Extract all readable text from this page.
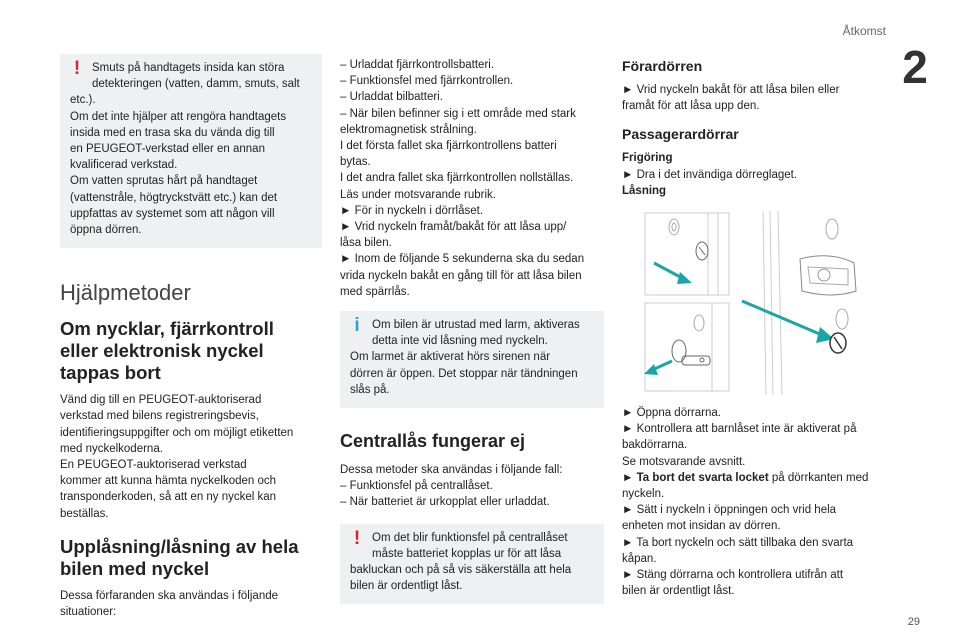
Åtkomst
2
29
!	Smuts på handtagets insida kan störa

detekteringen (vatten, damm, smuts, salt

etc.).

Om det inte hjälper att rengöra handtagets

insida med en trasa ska du vända dig till

en PEUGEOT-verkstad eller en annan

kvalificerad verkstad.

Om vatten sprutas hårt på handtaget

(vattenstråle, högtryckstvätt etc.) kan det

uppfattas av systemet som att någon vill

öppna dörren.

Hjälpmetoder
Om nycklar, fjärrkontroll
eller elektronisk nyckel
tappas bort

Vänd dig till en PEUGEOT-auktoriserad

verkstad med bilens registreringsbevis,

identifieringsuppgifter och om möjligt etiketten

med nyckelkoderna.

En PEUGEOT-auktoriserad verkstad

kommer att kunna hämta nyckelkoden och

transponderkoden, så att en ny nyckel kan

beställas.

Upplåsning/låsning av hela
bilen med nyckel

Dessa förfaranden ska användas i följande

situationer:

– Urladdat fjärrkontrollsbatteri.

– Funktionsfel med fjärrkontrollen.

– Urladdat bilbatteri.

– När bilen befinner sig i ett område med stark

elektromagnetisk strålning.

I det första fallet ska fjärrkontrollens batteri

bytas.

I det andra fallet ska fjärrkontrollen nollställas.

Läs under motsvarande rubrik.

► För in nyckeln i dörrlåset.

► Vrid nyckeln framåt/bakåt för att låsa upp/

låsa bilen.

► Inom de följande 5 sekunderna ska du sedan

vrida nyckeln bakåt en gång till för att låsa bilen

med spärrlås.

i	Om bilen är utrustad med larm, aktiveras

detta inte vid låsning med nyckeln.

Om larmet är aktiverat hörs sirenen när

dörren är öppen. Det stoppar när tändningen

slås på.

Centrallås fungerar ej

Dessa metoder ska användas i följande fall:

– Funktionsfel på centrallåset.

– När batteriet är urkopplat eller urladdat.

!	Om det blir funktionsfel på centrallåset

måste batteriet kopplas ur för att låsa

bakluckan och på så vis säkerställa att hela

bilen är ordentligt låst.

Förardörren

► Vrid nyckeln bakåt för att låsa bilen eller

framåt för att låsa upp den.

Passagerardörrar

Frigöring

► Dra i det invändiga dörreglaget.

Låsning

► Öppna dörrarna.

► Kontrollera att barnlåset inte är aktiverat på

bakdörrarna.

Se motsvarande avsnitt.

► Ta bort det svarta locket på dörrkanten med

nyckeln.

► Sätt i nyckeln i öppningen och vrid hela

enheten mot insidan av dörren.

► Ta bort nyckeln och sätt tillbaka den svarta

kåpan.

► Stäng dörrarna och kontrollera utifrån att

bilen är ordentligt låst.
